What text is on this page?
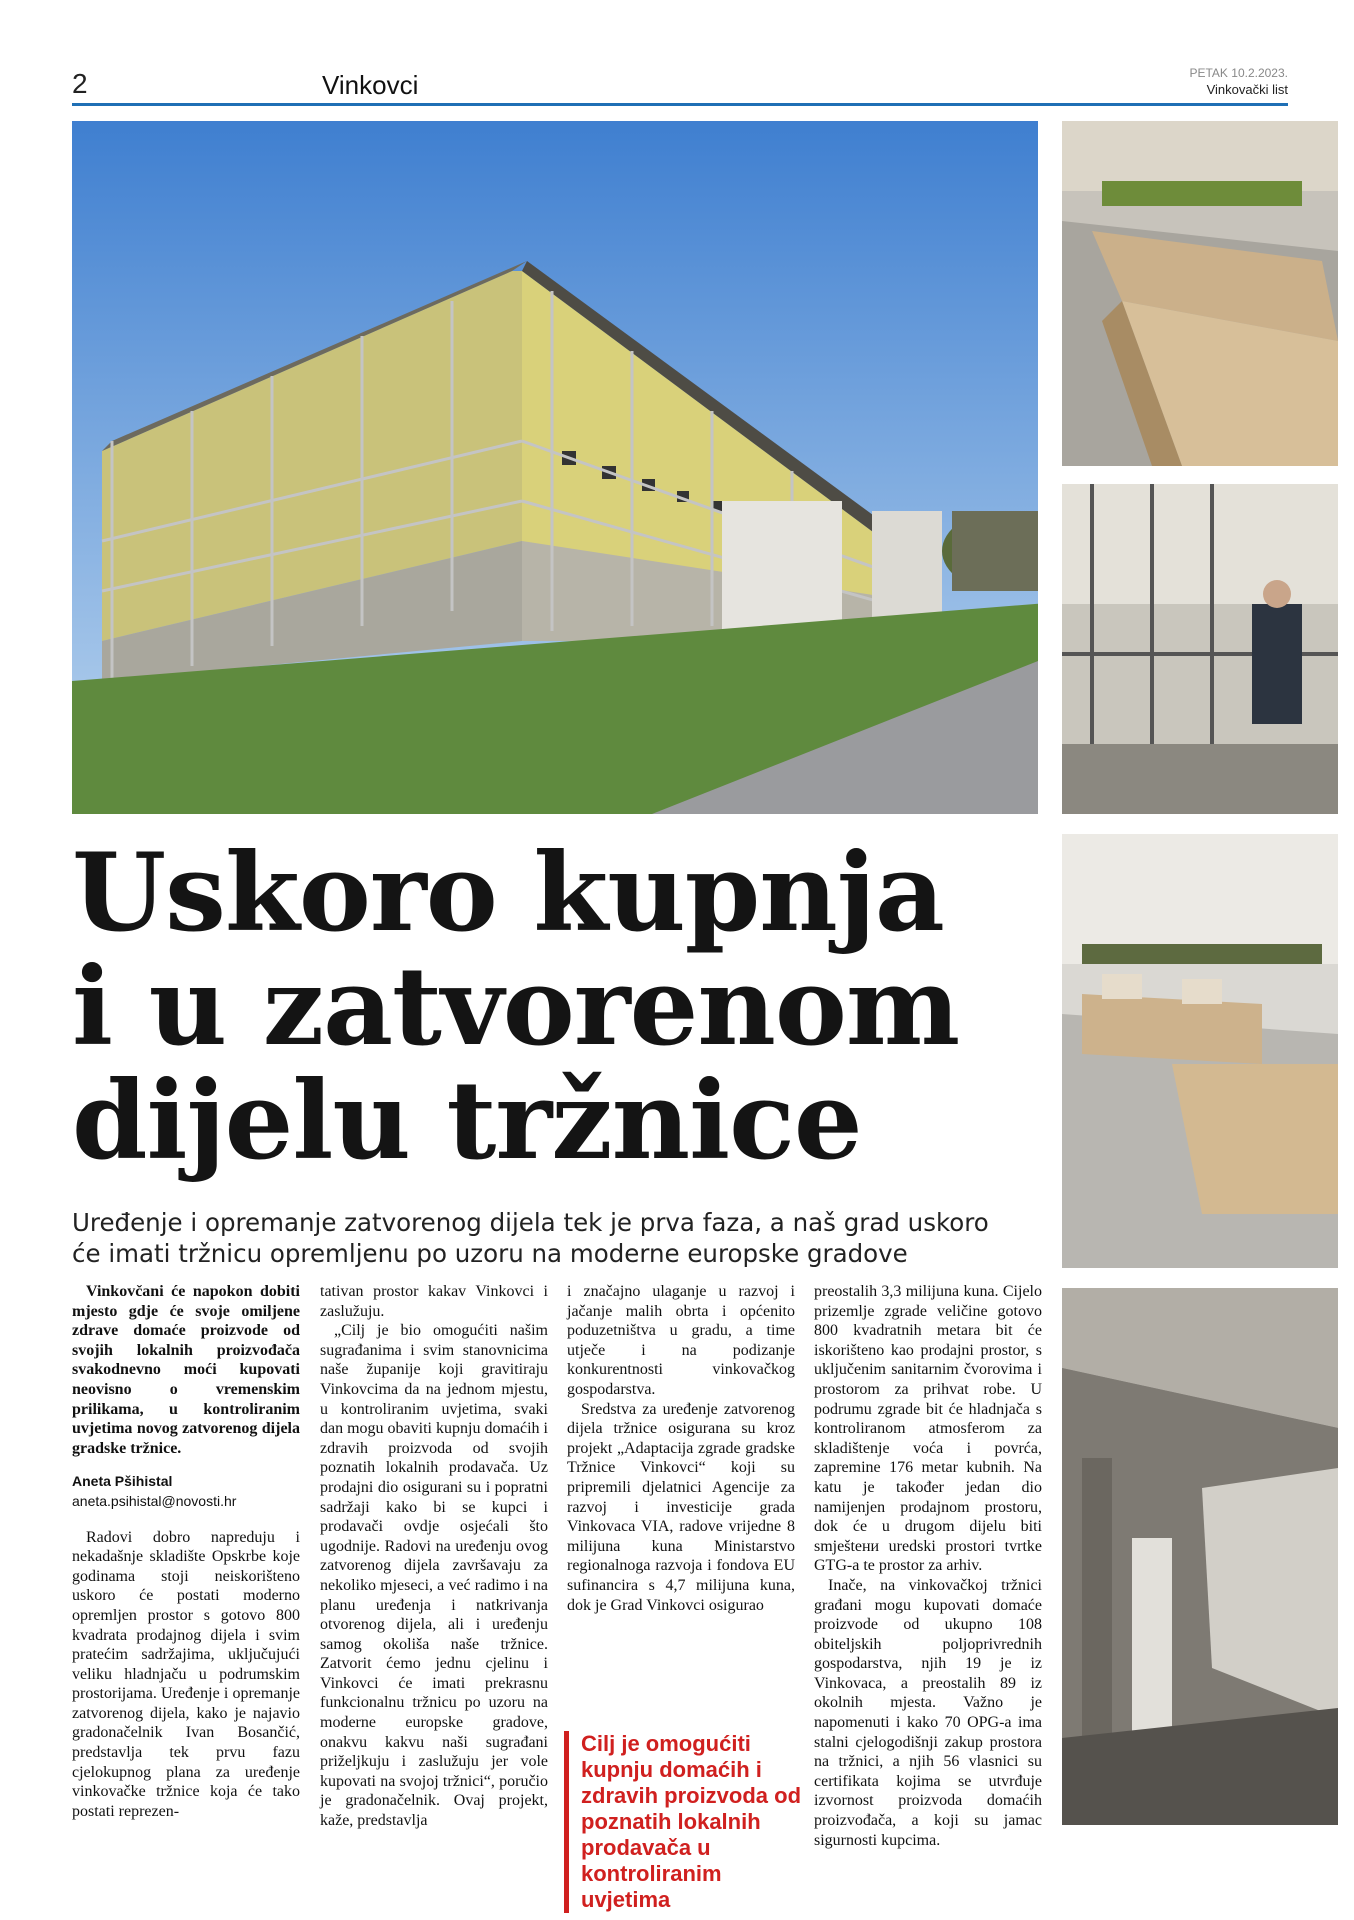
2	Vinkovci	PETAK 10.2.2023.
Vinkovački list
Uskoro kupnja
i u zatvorenom
dijelu tržnice
Uređenje i opremanje zatvorenog dijela tek je prva faza, a naš grad uskoro
će imati tržnicu opremljenu po uzoru na moderne europske gradove

Vinkovčani će napokon dobiti mjesto gdje će svoje omiljene zdrave domaće proizvode od svojih lokalnih proizvođača svakodnevno moći kupovati neovisno o vremenskim prilikama, u kontroliranim uvjetima novog zatvorenog dijela gradske tržnice.

Aneta Pšihistal

aneta.psihistal@novosti.hr

Radovi dobro napreduju i nekadašnje skladište Opskrbe koje godinama stoji neiskorišteno uskoro će postati moderno opremljen prostor s gotovo 800 kvadrata prodajnog dijela i svim pratećim sadržajima, uključujući veliku hladnjaču u podrumskim prostorijama. Uređenje i opremanje zatvorenog dijela, kako je najavio gradonačelnik Ivan Bosančić, predstavlja tek prvu fazu cjelokupnog plana za uređenje vinkovačke tržnice koja će tako postati reprezen-

tativan prostor kakav Vinkovci i zaslužuju.

„Cilj je bio omogućiti našim sugrađanima i svim stanovnicima naše županije koji gravitiraju Vinkovcima da na jednom mjestu, u kontroliranim uvjetima, svaki dan mogu obaviti kupnju domaćih i zdravih proizvoda od svojih poznatih lokalnih prodavača. Uz prodajni dio osigurani su i popratni sadržaji kako bi se kupci i prodavači ovdje osjećali što ugodnije. Radovi na uređenju ovog zatvorenog dijela završavaju za nekoliko mjeseci, a već radimo i na planu uređenja i natkrivanja otvorenog dijela, ali i uređenju samog okoliša naše tržnice. Zatvorit ćemo jednu cjelinu i Vinkovci će imati prekrasnu funkcionalnu tržnicu po uzoru na moderne europske gradove, onakvu kakvu naši sugrađani priželjkuju i zaslužuju jer vole kupovati na svojoj tržnici“, poručio je gradonačelnik. Ovaj projekt, kaže, predstavlja

i značajno ulaganje u razvoj i jačanje malih obrta i općenito poduzetništva u gradu, a time utječe i na podizanje konkurentnosti vinkovačkog gospodarstva.

Sredstva za uređenje zatvorenog dijela tržnice osigurana su kroz projekt „Adaptacija zgrade gradske Tržnice Vinkovci“ koji su pripremili djelatnici Agencije za razvoj i investicije grada Vinkovaca VIA, radove vrijedne 8 milijuna kuna Ministarstvo regionalnoga razvoja i fondova EU sufinancira s 4,7 milijuna kuna, dok je Grad Vinkovci osigurao

Cilj je omogućiti kupnju domaćih i zdravih proizvoda od poznatih lokalnih prodavača u kontroliranim uvjetima

preostalih 3,3 milijuna kuna. Cijelo prizemlje zgrade veličine gotovo 800 kvadratnih metara bit će iskorišteno kao prodajni prostor, s uključenim sanitarnim čvorovima i prostorom za prihvat robe. U podrumu zgrade bit će hladnjača s kontroliranom atmosferom za skladištenje voća i povrća, zapremine 176 metar kubnih. Na katu je također jedan dio namijenjen prodajnom prostoru, dok će u drugom dijelu biti smještени uredski prostori tvrtke GTG-a te prostor za arhiv.

Inače, na vinkovačkoj tržnici građani mogu kupovati domaće proizvode od ukupno 108 obiteljskih poljoprivrednih gospodarstva, njih 19 je iz Vinkovaca, a preostalih 89 iz okolnih mjesta. Važno je napomenuti i kako 70 OPG-a ima stalni cjelogodišnji zakup prostora na tržnici, a njih 56 vlasnici su certifikata kojima se utvrđuje izvornost proizvoda domaćih proizvođača, a koji su jamac sigurnosti kupcima.
